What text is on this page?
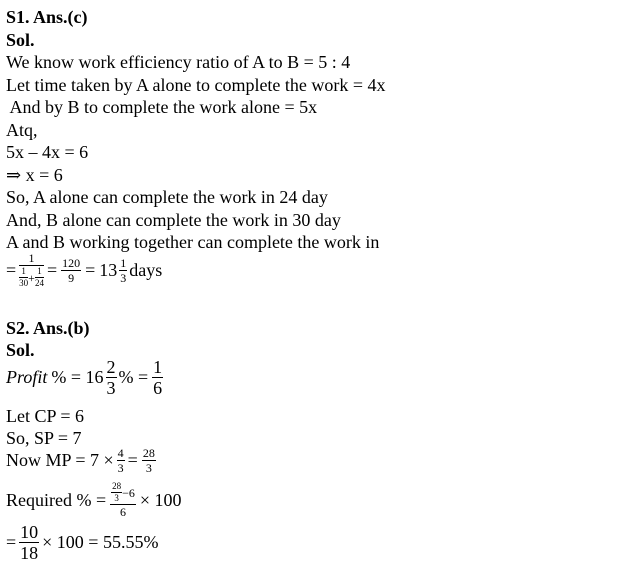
S1. Ans.(c)
Sol.
We know work efficiency ratio of A to B = 5 : 4
Let time taken by A alone to complete the work = 4x
And by B to complete the work alone = 5x
Atq,
5x – 4x = 6
⇒ x = 6
So, A alone can complete the work in 24 day
And, B alone can complete the work in 30 day
A and B working together can complete the work in
=
1
$\frac{1}{30} + \frac{1}{24} = \frac{120}{9} = 13 \frac{1}{3}$ days
S2. Ans.(b)
Sol.
Profit % = $16 \frac{2}{3}$ % = $\frac{1}{6}$
Let CP = 6
So, SP = 7
Now MP = $7 \times \frac{4}{3} = \frac{28}{3}$
Required % = $\frac{\frac{28}{3} -6}{6} \times 100$
= $\frac{10}{18} \times 100 = 55.55\%$
